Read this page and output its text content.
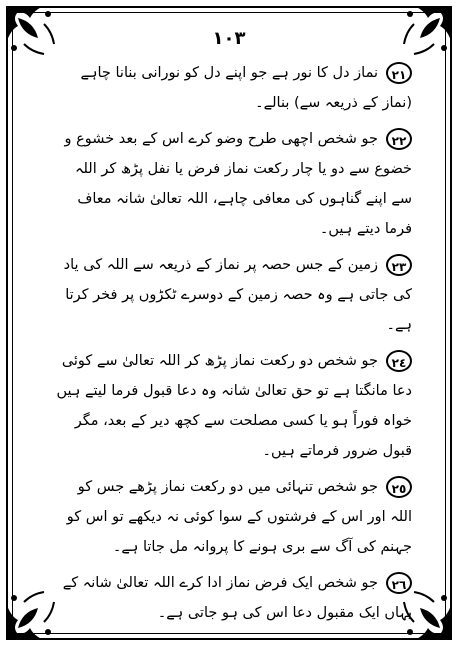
١٠٣

٢١نماز دل کا نور ہے جو اپنے دل کو نورانی بنانا چاہے (نماز کے ذریعہ سے) بنالے۔

٢٢جو شخص اچھی طرح وضو کرے اس کے بعد خشوع و خضوع سے دو یا چار رکعت نماز فرض یا نفل پڑھ کر اللہ سے اپنے گناہوں کی معافی چاہے، اللہ تعالیٰ شانہ معاف فرما دیتے ہیں۔

٢٣زمین کے جس حصہ پر نماز کے ذریعہ سے اللہ کی یاد کی جاتی ہے وہ حصہ زمین کے دوسرے ٹکڑوں پر فخر کرتا ہے۔

٢٤جو شخص دو رکعت نماز پڑھ کر اللہ تعالیٰ سے کوئی دعا مانگتا ہے تو حق تعالیٰ شانہ وہ دعا قبول فرما لیتے ہیں خواہ فوراً ہو یا کسی مصلحت سے کچھ دیر کے بعد، مگر قبول ضرور فرماتے ہیں۔

٢٥جو شخص تنہائی میں دو رکعت نماز پڑھے جس کو اللہ اور اس کے فرشتوں کے سوا کوئی نہ دیکھے تو اس کو جہنم کی آگ سے بری ہونے کا پروانہ مل جاتا ہے۔

٢٦جو شخص ایک فرض نماز ادا کرے اللہ تعالیٰ شانہ کے یہاں ایک مقبول دعا اس کی ہو جاتی ہے۔
